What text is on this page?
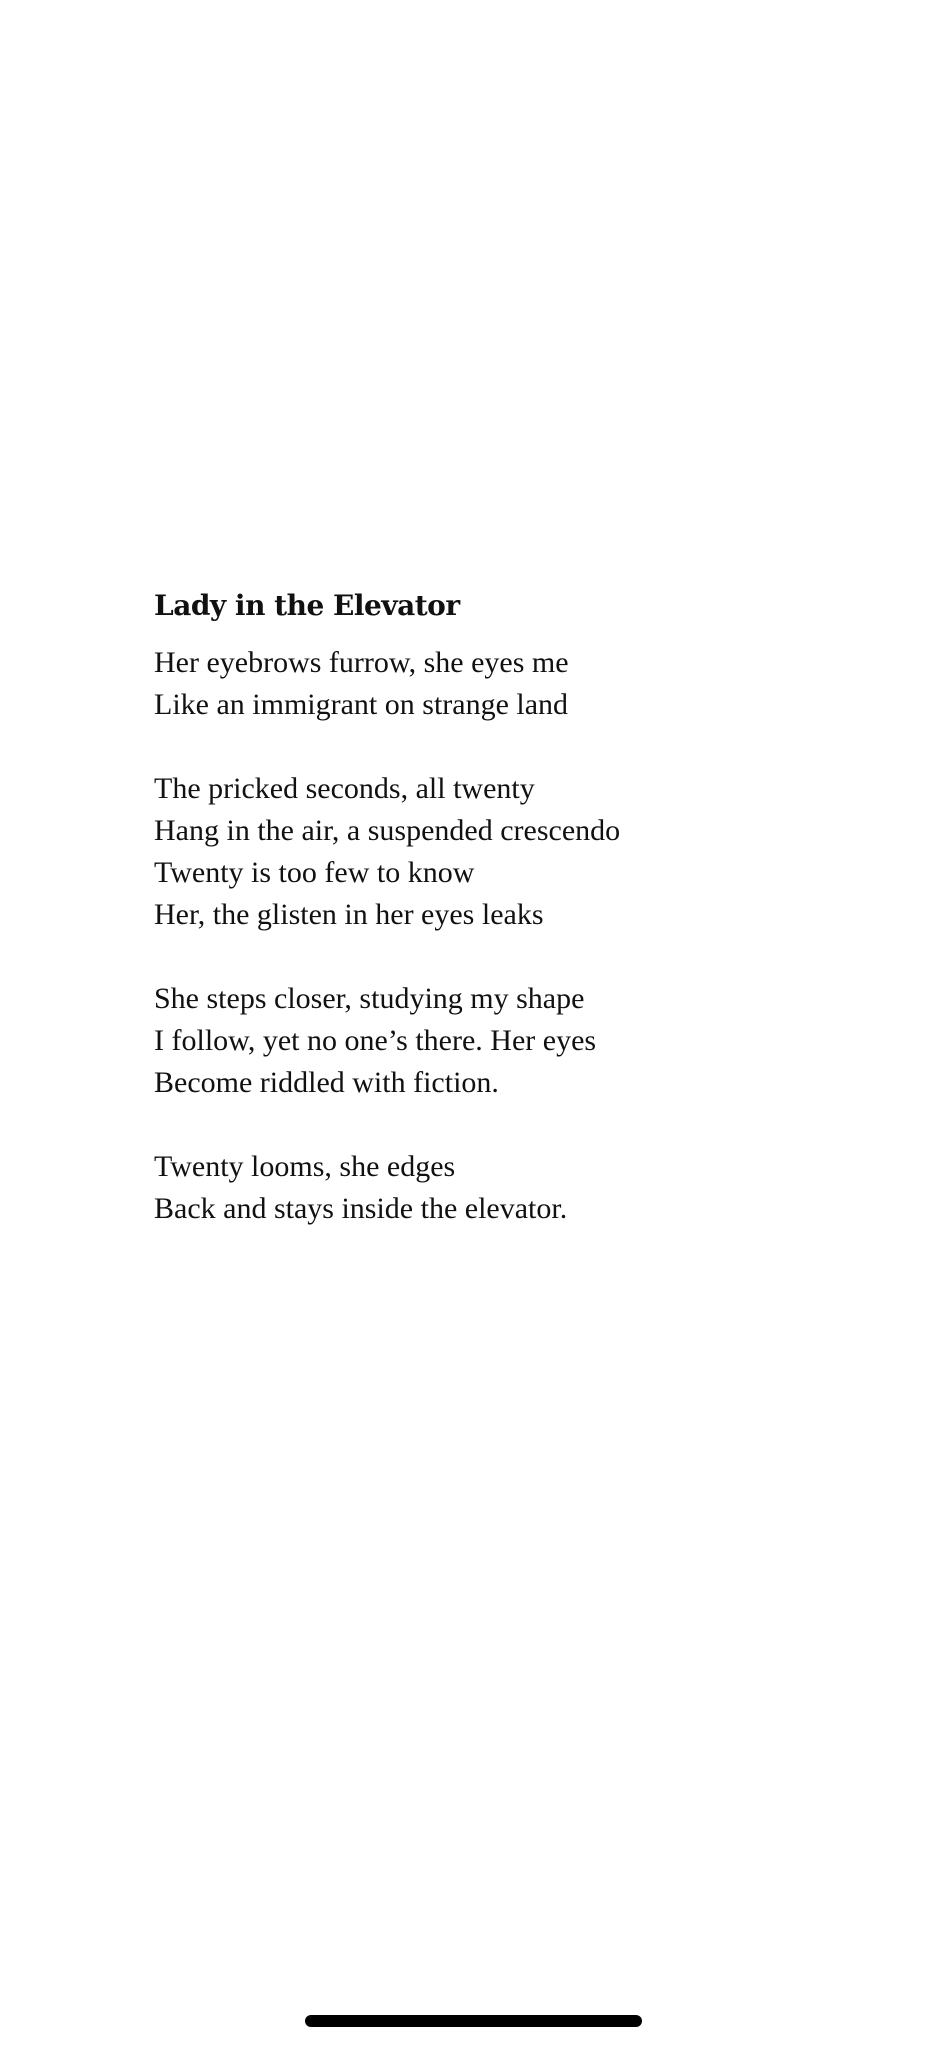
Lady in the Elevator
Her eyebrows furrow, she eyes me
Like an immigrant on strange land
The pricked seconds, all twenty
Hang in the air, a suspended crescendo
Twenty is too few to know
Her, the glisten in her eyes leaks
She steps closer, studying my shape
I follow, yet no one’s there. Her eyes
Become riddled with fiction.
Twenty looms, she edges
Back and stays inside the elevator.
